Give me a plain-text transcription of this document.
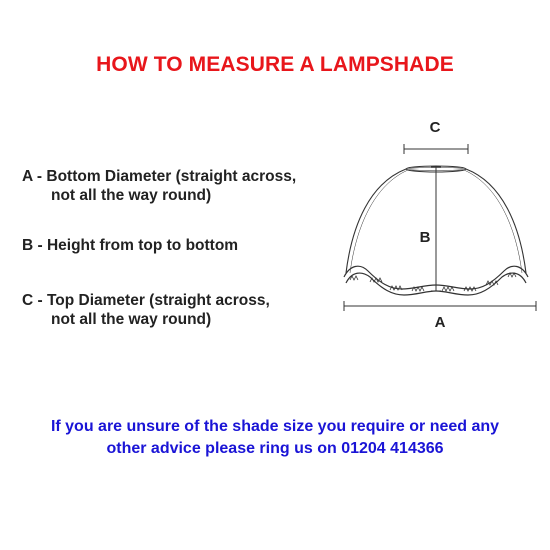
HOW TO MEASURE A LAMPSHADE
A - Bottom Diameter (straight across,
not all the way round)
B - Height from top to bottom
C - Top Diameter (straight across,
not all the way round)
C
B
A
If you are unsure of the shade size you require or need any
other advice please ring us on 01204 414366
